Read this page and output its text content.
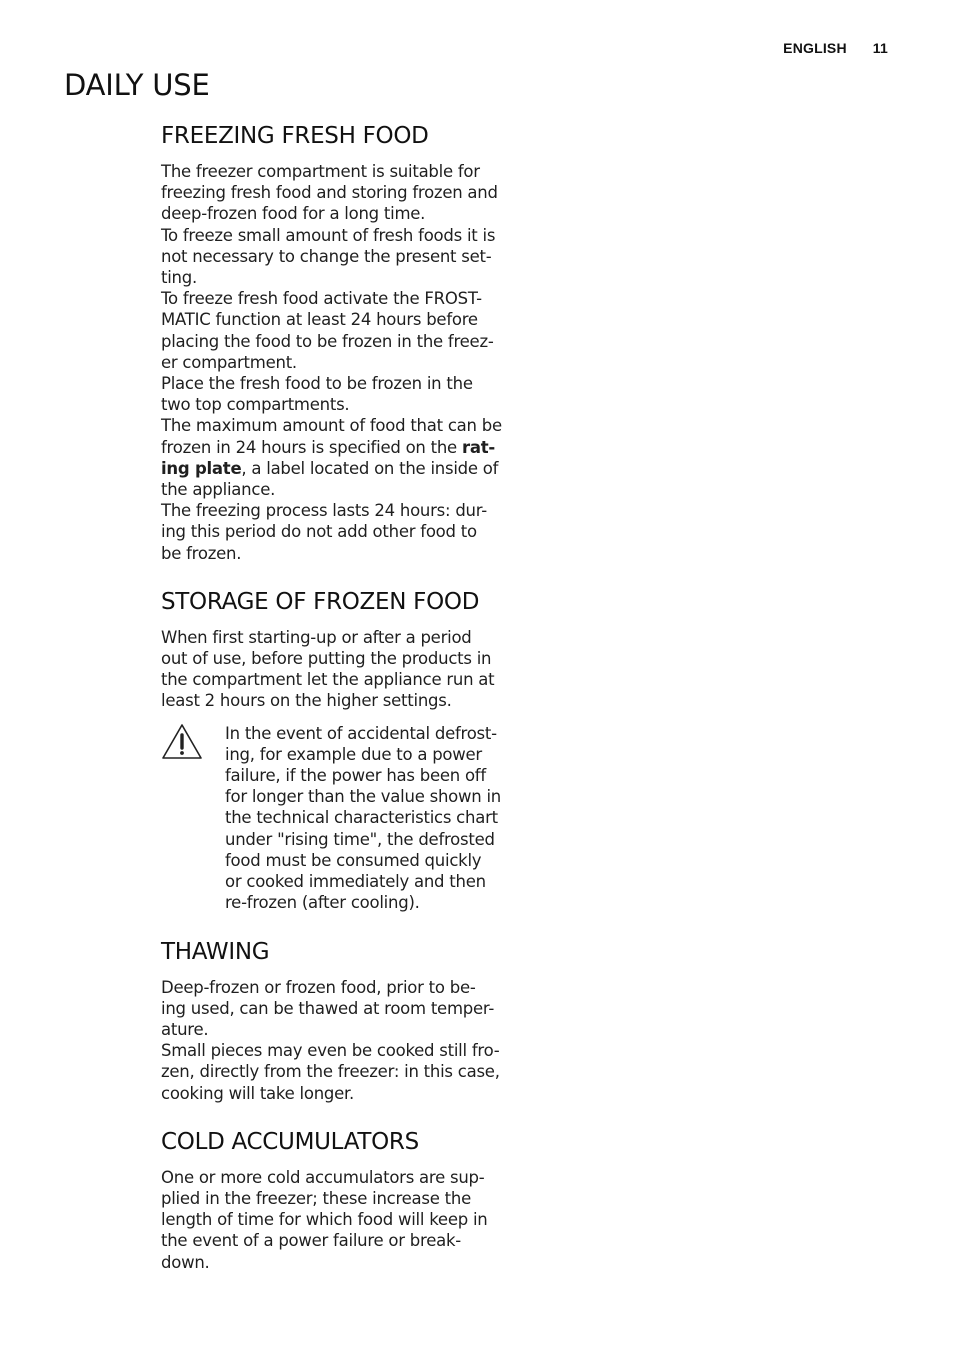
ENGLISH 11
DAILY USE
FREEZING FRESH FOOD

The freezer compartment is suitable for
freezing fresh food and storing frozen and
deep-frozen food for a long time.
To freeze small amount of fresh foods it is
not necessary to change the present set-
ting.
To freeze fresh food activate the FROST-
MATIC function at least 24 hours before
placing the food to be frozen in the freez-
er compartment.
Place the fresh food to be frozen in the
two top compartments.
The maximum amount of food that can be
frozen in 24 hours is specified on the rat-
ing plate, a label located on the inside of
the appliance.
The freezing process lasts 24 hours: dur-
ing this period do not add other food to
be frozen.

STORAGE OF FROZEN FOOD

When first starting-up or after a period
out of use, before putting the products in
the compartment let the appliance run at
least 2 hours on the higher settings.

In the event of accidental defrost-
ing, for example due to a power
failure, if the power has been off
for longer than the value shown in
the technical characteristics chart
under "rising time", the defrosted
food must be consumed quickly
or cooked immediately and then
re-frozen (after cooling).

THAWING

Deep-frozen or frozen food, prior to be-
ing used, can be thawed at room temper-
ature.
Small pieces may even be cooked still fro-
zen, directly from the freezer: in this case,
cooking will take longer.

COLD ACCUMULATORS

One or more cold accumulators are sup-
plied in the freezer; these increase the
length of time for which food will keep in
the event of a power failure or break-
down.
